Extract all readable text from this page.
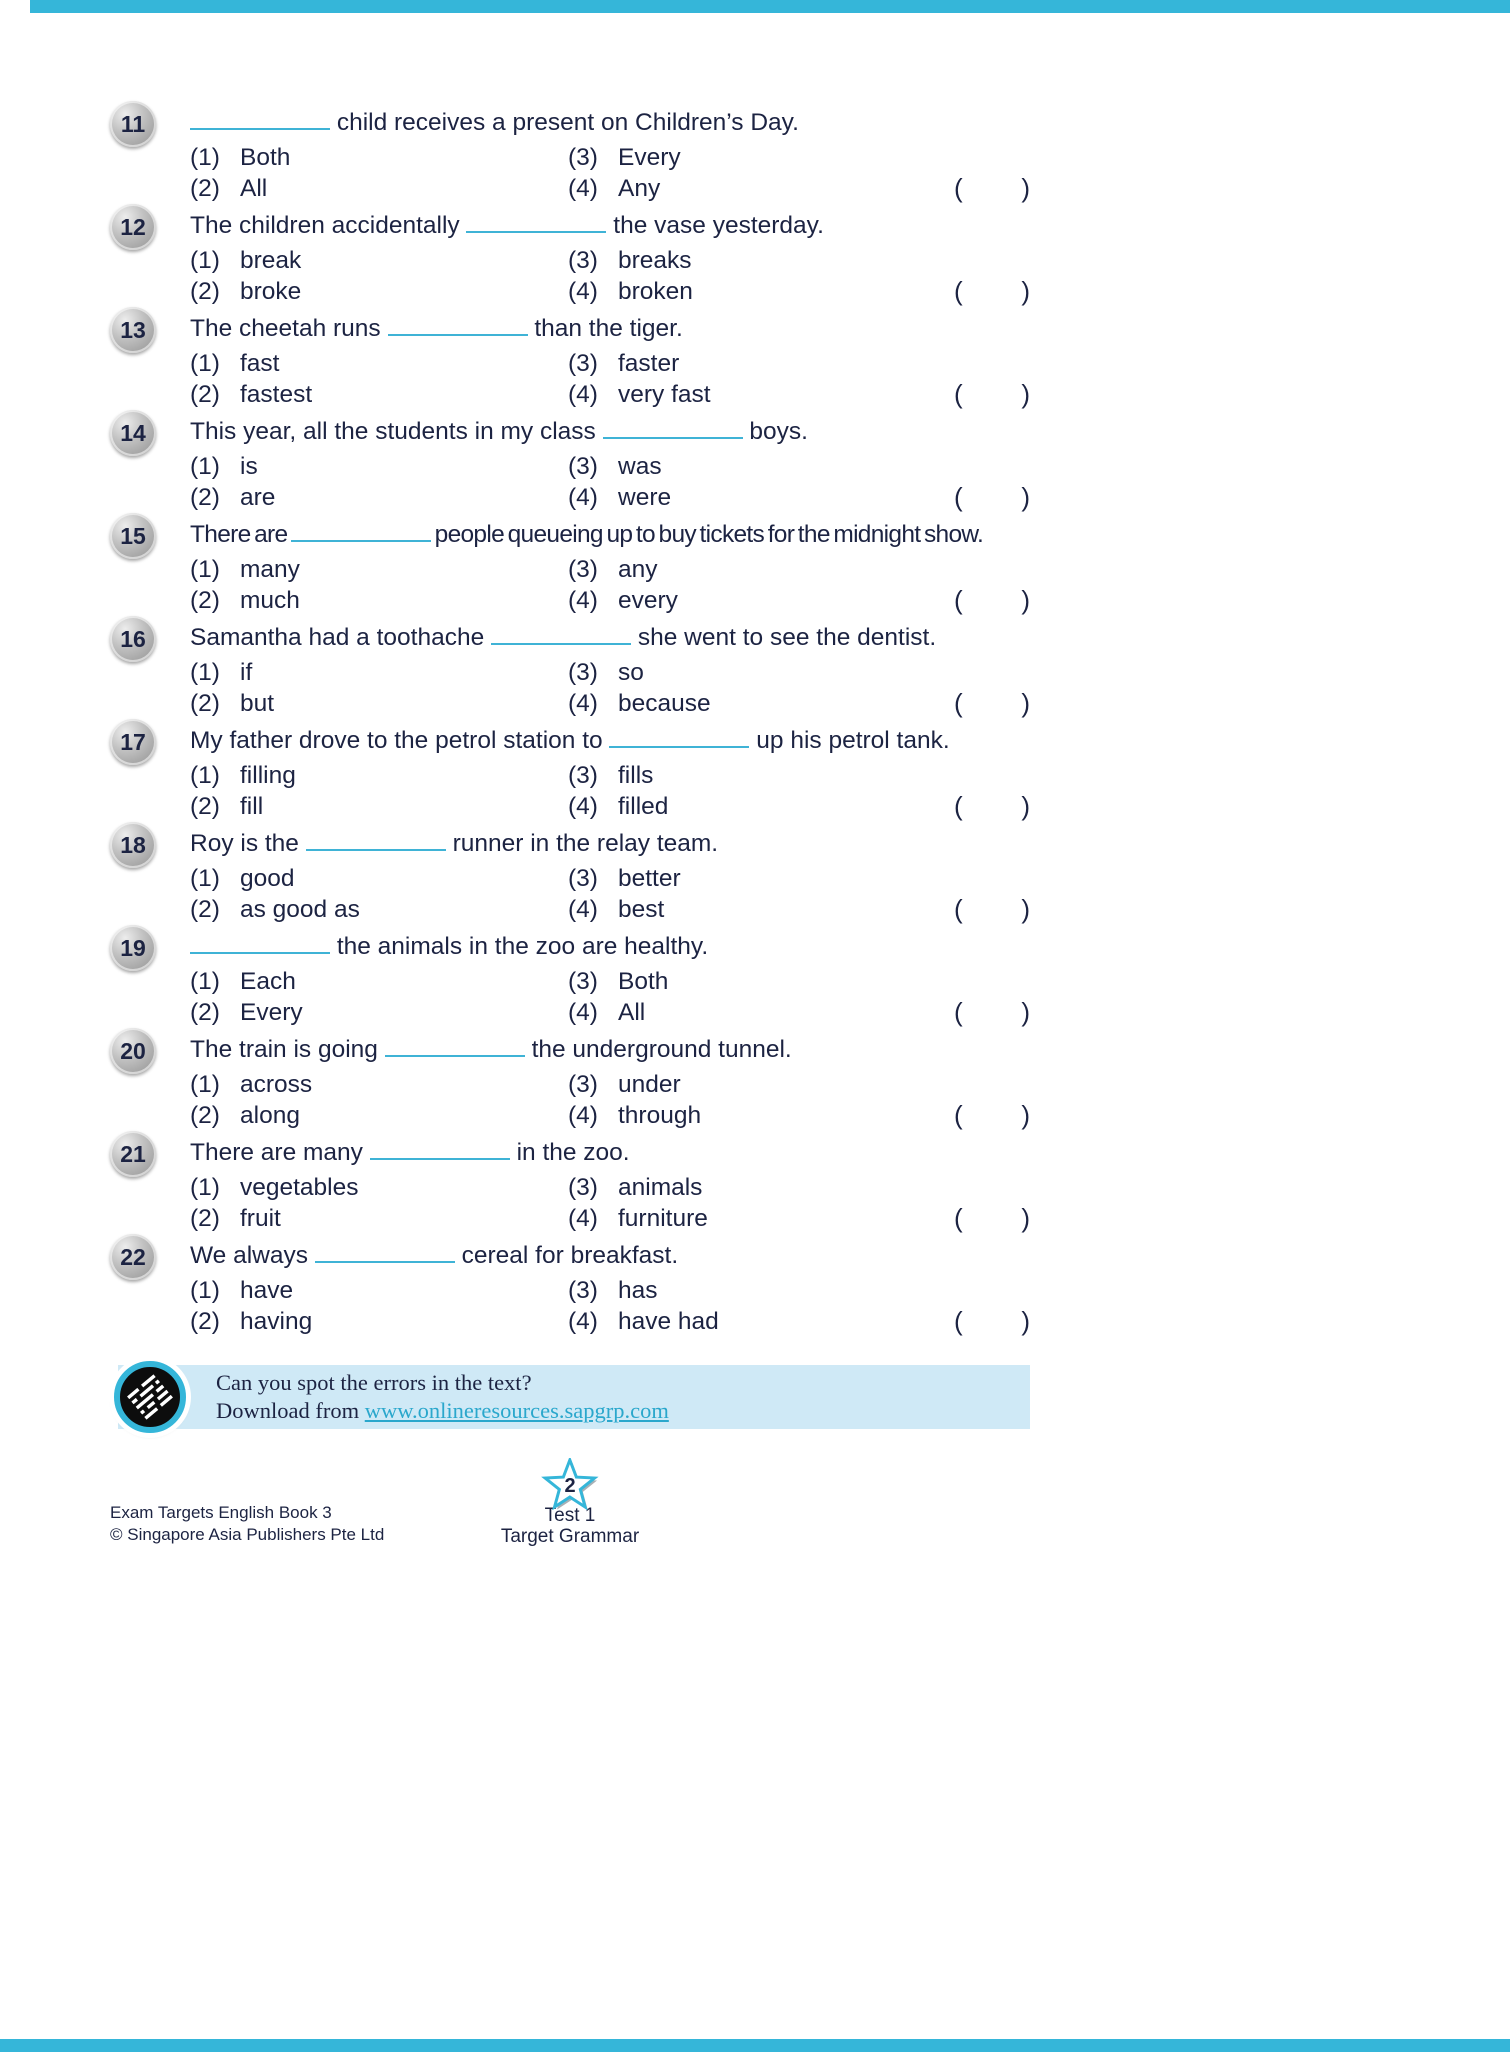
11	child receives a present on Children’s Day.
(1) Both	(3) Every
(2) All	(4) Any	( )
12 The children accidentally	the vase yesterday.
(1) break	(3) breaks
(2) broke	(4) broken	( )
13 The cheetah runs	than the tiger.
(1) fast	(3) faster
(2) fastest	(4) very fast	( )
14 This year, all the students in my class	boys.
(1) is	(3) was
(2) are	(4) were	( )
15 There are	people queueing up to buy tickets for the midnight show.
(1) many	(3) any
(2) much	(4) every	( )
16 Samantha had a toothache	she went to see the dentist.
(1) if	(3) so
(2) but	(4) because	( )
17 My father drove to the petrol station to	up his petrol tank.
(1) filling	(3) fills
(2) fill	(4) filled	( )
18 Roy is the	runner in the relay team.
(1) good	(3) better
(2) as good as	(4) best	( )
19	the animals in the zoo are healthy.
(1) Each	(3) Both
(2) Every	(4) All	( )
20 The train is going	the underground tunnel.
(1) across	(3) under
(2) along	(4) through	( )
21 There are many	in the zoo.
(1) vegetables	(3) animals
(2) fruit	(4) furniture	( )
22 We always	cereal for breakfast.
(1) have	(3) has
(2) having	(4) have had	( )
Can you spot the errors in the text?
Download from www.onlineresources.sapgrp.com
Exam Targets English Book 3
© Singapore Asia Publishers Pte Ltd
2
Test 1
Target Grammar
